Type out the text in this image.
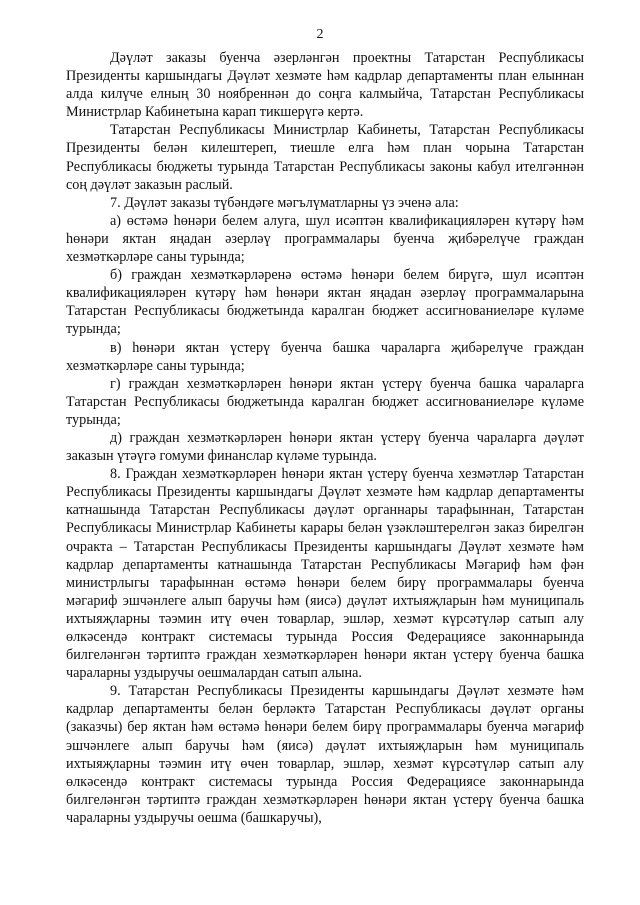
2

Дәүләт заказы буенча әзерләнгән проектны Татарстан Республикасы Президенты каршындагы Дәүләт хезмәте һәм кадрлар департаменты план елыннан алда килүче елның 30 ноябреннән до соңга калмыйча, Татарстан Республикасы Министрлар Кабинетына карап тикшерүгә кертә.

Татарстан Республикасы Министрлар Кабинеты, Татарстан Республикасы Президенты белән килештереп, тиешле елга һәм план чорына Татарстан Республикасы бюджеты турында Татарстан Республикасы законы кабул ителгәннән соң дәүләт заказын раслый.

7. Дәүләт заказы түбәндәге мәгълүматларны үз эченә ала:

а) өстәмә һөнәри белем алуга, шул исәптән квалификацияләрен күтәрү һәм һөнәри яктан яңадан әзерләү программалары буенча җибәрелүче граждан хезмәткәрләре саны турында;

б) граждан хезмәткәрләренә өстәмә һөнәри белем бирүгә, шул исәптән квалификацияләрен күтәрү һәм һөнәри яктан яңадан әзерләү программаларына Татарстан Республикасы бюджетында каралган бюджет ассигнованиеләре күләме турында;

в) һөнәри яктан үстерү буенча башка чараларга җибәрелүче граждан хезмәткәрләре саны турында;

г) граждан хезмәткәрләрен һөнәри яктан үстерү буенча башка чараларга Татарстан Республикасы бюджетында каралган бюджет ассигнованиеләре күләме турында;

д) граждан хезмәткәрләрен һөнәри яктан үстерү буенча чараларга дәүләт заказын үтәүгә гомуми финанслар күләме турында.

8. Граждан хезмәткәрләрен һөнәри яктан үстерү буенча хезмәтләр Татарстан Республикасы Президенты каршындагы Дәүләт хезмәте һәм кадрлар департаменты катнашында Татарстан Республикасы дәүләт органнары тарафыннан, Татарстан Республикасы Министрлар Кабинеты карары белән үзәкләштерелгән заказ бирелгән очракта – Татарстан Республикасы Президенты каршындагы Дәүләт хезмәте һәм кадрлар департаменты катнашында Татарстан Республикасы Мәгариф һәм фән министрлыгы тарафыннан өстәмә һөнәри белем бирү программалары буенча мәгариф эшчәнлеге алып баручы һәм (яисә) дәүләт ихтыяҗларын һәм муниципаль ихтыяҗларны тәэмин итү өчен товарлар, эшләр, хезмәт күрсәтүләр сатып алу өлкәсендә контракт системасы турында Россия Федерациясе законнарында билгеләнгән тәртиптә граждан хезмәткәрләрен һөнәри яктан үстерү буенча башка чараларны уздыручы оешмалардан сатып алына.

9. Татарстан Республикасы Президенты каршындагы Дәүләт хезмәте һәм кадрлар департаменты белән берләктә Татарстан Республикасы дәүләт органы (заказчы) бер яктан һәм өстәмә һөнәри белем бирү программалары буенча мәгариф эшчәнлеге алып баручы һәм (яисә) дәүләт ихтыяҗларын һәм муниципаль ихтыяҗларны тәэмин итү өчен товарлар, эшләр, хезмәт күрсәтүләр сатып алу өлкәсендә контракт системасы турында Россия Федерациясе законнарында билгеләнгән тәртиптә граждан хезмәткәрләрен һөнәри яктан үстерү буенча башка чараларны уздыручы оешма (башкаручы),
